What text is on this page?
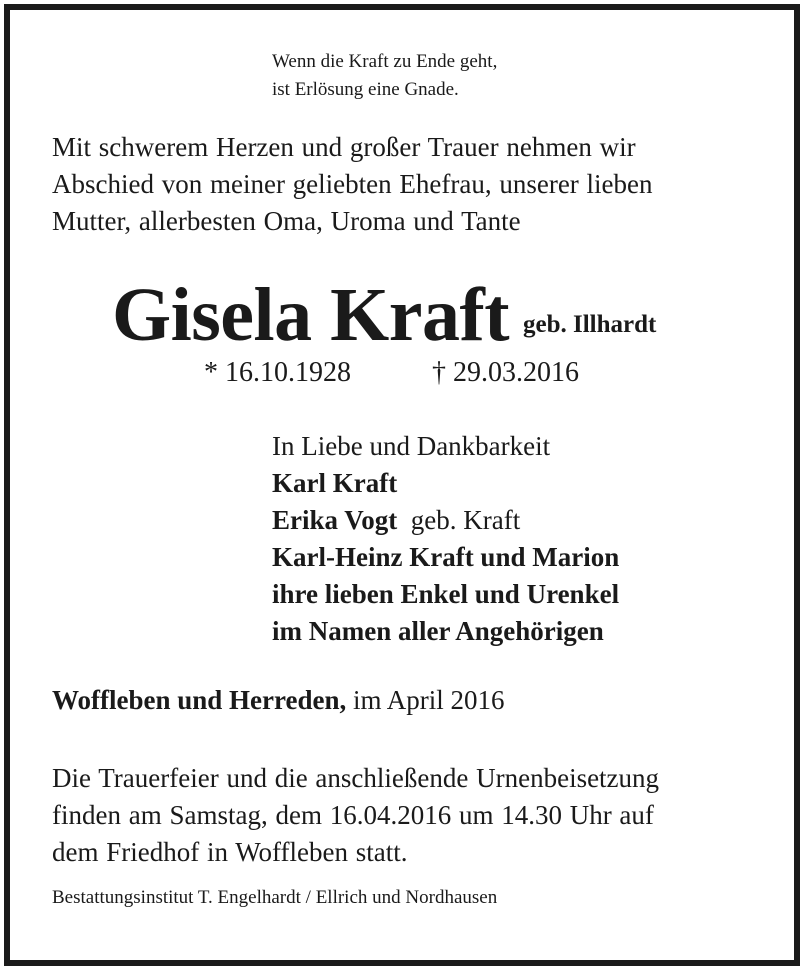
Wenn die Kraft zu Ende geht,
ist Erlösung eine Gnade.
Mit schwerem Herzen und großer Trauer nehmen wir
Abschied von meiner geliebten Ehefrau, unserer lieben
Mutter, allerbesten Oma, Uroma und Tante
Gisela Kraft geb. Illhardt
* 16.10.1928	† 29.03.2016
In Liebe und Dankbarkeit
Karl Kraft
Erika Vogt geb. Kraft
Karl-Heinz Kraft und Marion
ihre lieben Enkel und Urenkel
im Namen aller Angehörigen
Woffleben und Herreden, im April 2016
Die Trauerfeier und die anschließende Urnenbeisetzung
finden am Samstag, dem 16.04.2016 um 14.30 Uhr auf
dem Friedhof in Woffleben statt.
Bestattungsinstitut T. Engelhardt / Ellrich und Nordhausen
